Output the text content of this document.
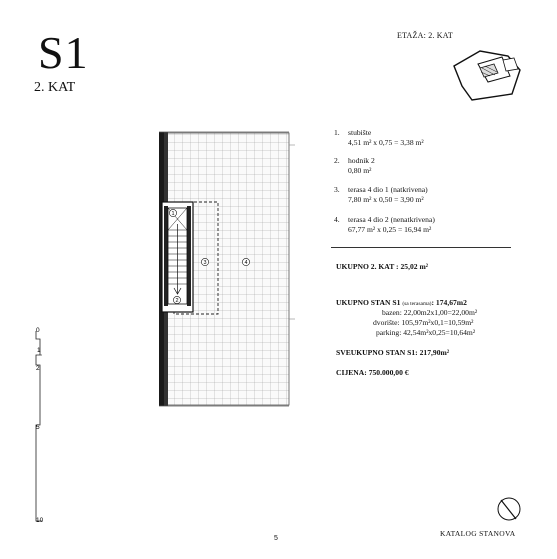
S1
2. KAT
ETAŽA: 2. KAT
1
2
3	4
1.	stubište
4,51 m² x 0,75 = 3,38 m²
2.	hodnik 2
0,80 m²
3.	terasa 4 dio 1 (natkrivena)
7,80 m² x 0,50 = 3,90 m²
4.	terasa 4 dio 2 (nenatkrivena)
67,77 m² x 0,25 = 16,94 m²
UKUPNO 2. KAT : 25,02 m²
UKUPNO STAN S1 (sa terasama): 174,67m2
bazen: 22,00m2x1,00=22,00m²
dvorište: 105,97m²x0,1=10,59m²
parking: 42,54m²x0,25=10,64m²
SVEUKUPNO STAN S1: 217,90m²
CIJENA: 750.000,00 €
0
1
2
5
10
5
KATALOG STANOVA
